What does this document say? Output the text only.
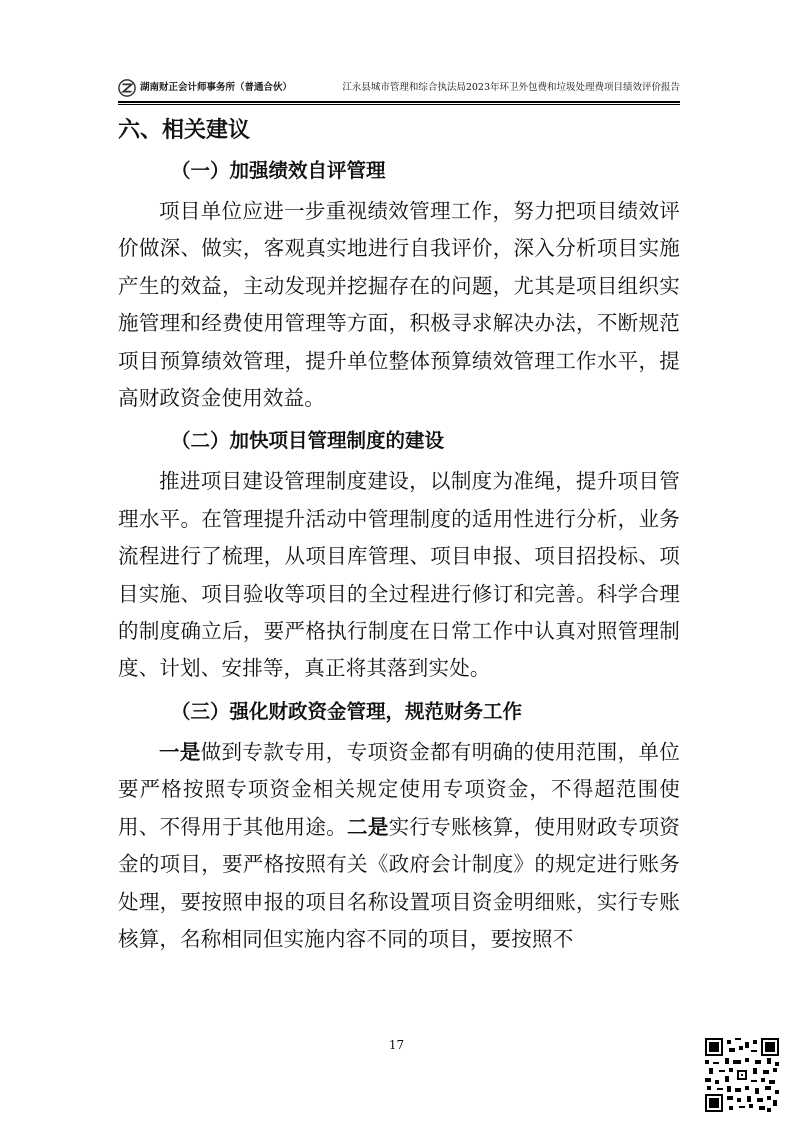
湖南财正会计师事务所（普通合伙）	江永县城市管理和综合执法局2023年环卫外包费和垃圾处理费项目绩效评价报告
六、相关建议
（一）加强绩效自评管理

项目单位应进一步重视绩效管理工作，努力把项目绩效评价做深、做实，客观真实地进行自我评价，深入分析项目实施产生的效益，主动发现并挖掘存在的问题，尤其是项目组织实施管理和经费使用管理等方面，积极寻求解决办法，不断规范项目预算绩效管理，提升单位整体预算绩效管理工作水平，提高财政资金使用效益。

（二）加快项目管理制度的建设

推进项目建设管理制度建设，以制度为准绳，提升项目管理水平。在管理提升活动中管理制度的适用性进行分析，业务流程进行了梳理，从项目库管理、项目申报、项目招投标、项目实施、项目验收等项目的全过程进行修订和完善。科学合理的制度确立后，要严格执行制度在日常工作中认真对照管理制度、计划、安排等，真正将其落到实处。

（三）强化财政资金管理，规范财务工作

一是做到专款专用，专项资金都有明确的使用范围，单位要严格按照专项资金相关规定使用专项资金，不得超范围使用、不得用于其他用途。二是实行专账核算，使用财政专项资金的项目，要严格按照有关《政府会计制度》的规定进行账务处理，要按照申报的项目名称设置项目资金明细账，实行专账核算，名称相同但实施内容不同的项目，要按照不

17
